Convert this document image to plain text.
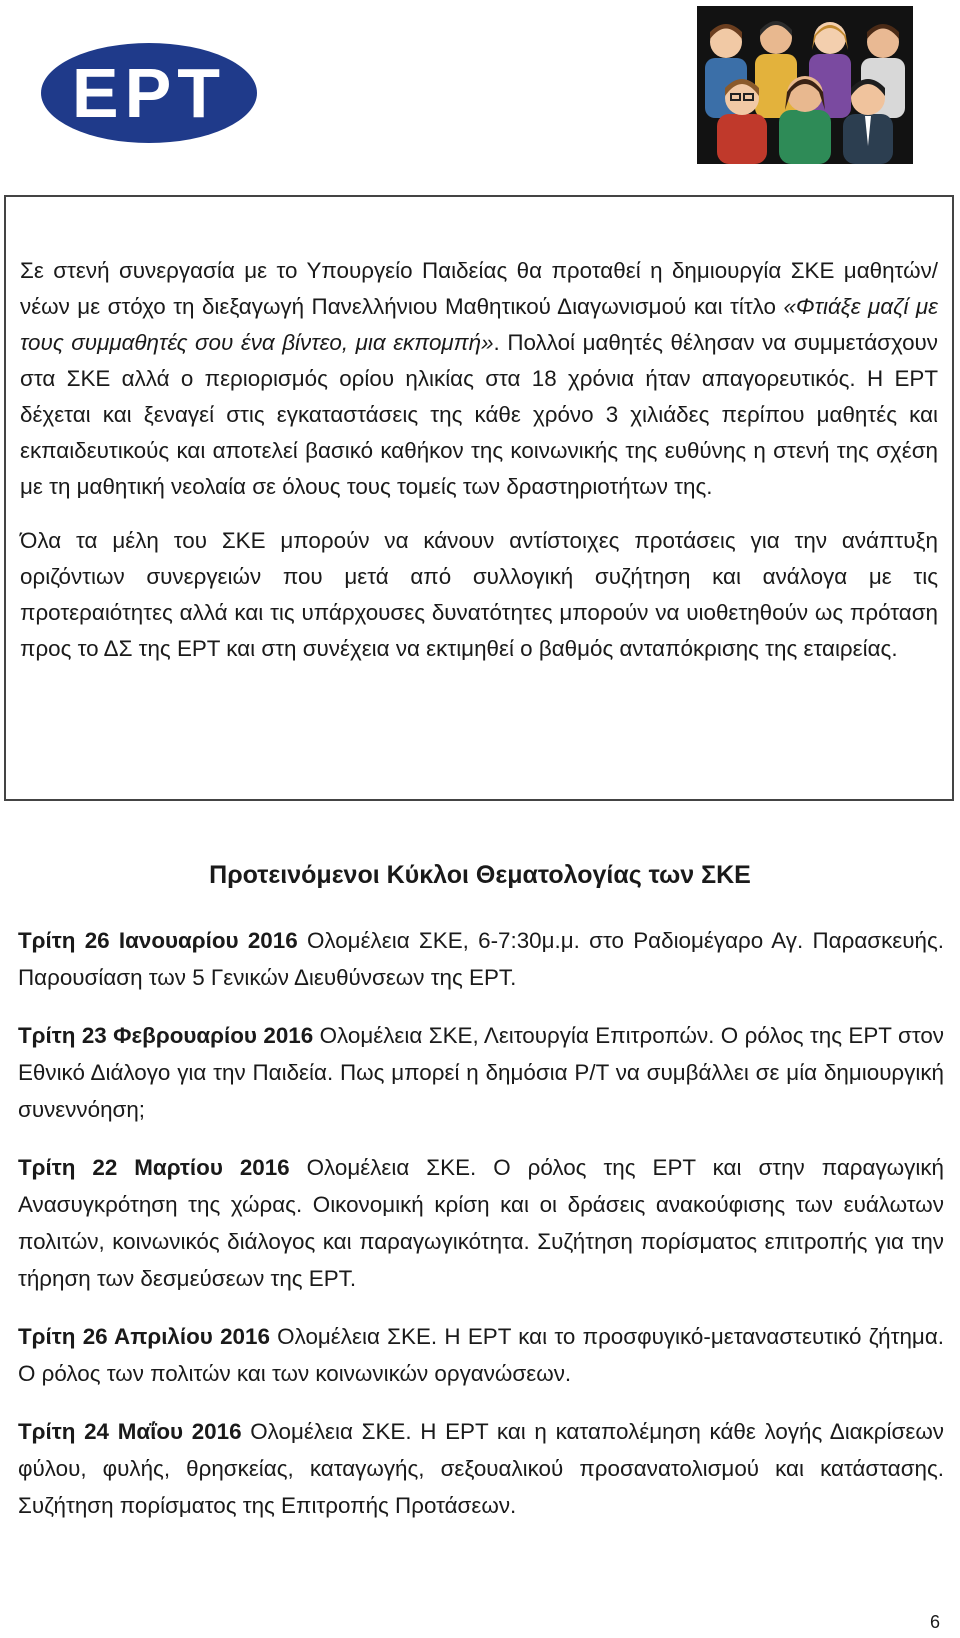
ΕΡΤ

Σε στενή συνεργασία με το Υπουργείο Παιδείας θα προταθεί η δημιουργία ΣΚΕ μαθητών/νέων με στόχο τη διεξαγωγή Πανελλήνιου Μαθητικού Διαγωνισμού και τίτλο «Φτιάξε μαζί με τους συμμαθητές σου ένα βίντεο, μια εκπομπή». Πολλοί μαθητές θέλησαν να συμμετάσχουν στα ΣΚΕ αλλά ο περιορισμός ορίου ηλικίας στα 18 χρόνια ήταν απαγορευτικός. Η ΕΡΤ δέχεται και ξεναγεί στις εγκαταστάσεις της κάθε χρόνο 3 χιλιάδες περίπου μαθητές και εκπαιδευτικούς και αποτελεί βασικό καθήκον της κοινωνικής της ευθύνης η στενή της σχέση με τη μαθητική νεολαία σε όλους τους τομείς των δραστηριοτήτων της.

Όλα τα μέλη του ΣΚΕ μπορούν να κάνουν αντίστοιχες προτάσεις για την ανάπτυξη οριζόντιων συνεργειών που μετά από συλλογική συζήτηση και ανάλογα με τις προτεραιότητες αλλά και τις υπάρχουσες δυνατότητες μπορούν να υιοθετηθούν ως πρόταση προς το ΔΣ της ΕΡΤ και στη συνέχεια να εκτιμηθεί ο βαθμός ανταπόκρισης της εταιρείας.

Προτεινόμενοι Κύκλοι Θεματολογίας των ΣΚΕ

Τρίτη 26 Ιανουαρίου 2016 Ολομέλεια ΣΚΕ, 6-7:30μ.μ. στο Ραδιομέγαρο Αγ. Παρασκευής. Παρουσίαση των 5 Γενικών Διευθύνσεων της ΕΡΤ.

Τρίτη 23 Φεβρουαρίου 2016 Ολομέλεια ΣΚΕ, Λειτουργία Επιτροπών. Ο ρόλος της ΕΡΤ στον Εθνικό Διάλογο για την Παιδεία. Πως μπορεί η δημόσια Ρ/Τ να συμβάλλει σε μία δημιουργική συνεννόηση;

Τρίτη 22 Μαρτίου 2016 Ολομέλεια ΣΚΕ. Ο ρόλος της ΕΡΤ και στην παραγωγική Ανασυγκρότηση της χώρας. Οικονομική κρίση και οι δράσεις ανακούφισης των ευάλωτων πολιτών, κοινωνικός διάλογος και παραγωγικότητα. Συζήτηση πορίσματος επιτροπής για την τήρηση των δεσμεύσεων της ΕΡΤ.

Τρίτη 26 Απριλίου 2016 Ολομέλεια ΣΚΕ. Η ΕΡΤ και το προσφυγικό-μεταναστευτικό ζήτημα. Ο ρόλος των πολιτών και των κοινωνικών οργανώσεων.

Τρίτη 24 Μαΐου 2016 Ολομέλεια ΣΚΕ. Η ΕΡΤ και η καταπολέμηση κάθε λογής Διακρίσεων φύλου, φυλής, θρησκείας, καταγωγής, σεξουαλικού προσανατολισμού και κατάστασης. Συζήτηση πορίσματος της Επιτροπής Προτάσεων.

6
